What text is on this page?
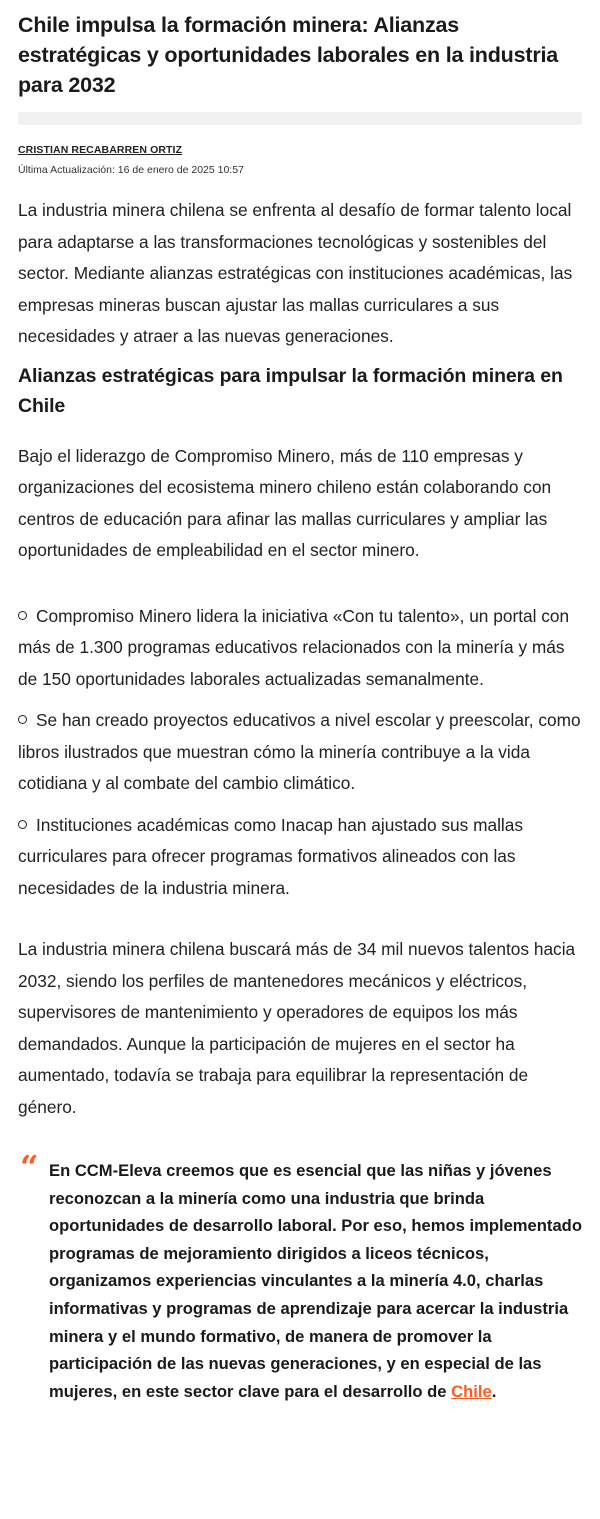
Chile impulsa la formación minera: Alianzas estratégicas y oportunidades laborales en la industria para 2032
CRISTIAN RECABARREN ORTIZ
Última Actualización: 16 de enero de 2025 10:57

La industria minera chilena se enfrenta al desafío de formar talento local para adaptarse a las transformaciones tecnológicas y sostenibles del sector. Mediante alianzas estratégicas con instituciones académicas, las empresas mineras buscan ajustar las mallas curriculares a sus necesidades y atraer a las nuevas generaciones.

Alianzas estratégicas para impulsar la formación minera en Chile

Bajo el liderazgo de Compromiso Minero, más de 110 empresas y organizaciones del ecosistema minero chileno están colaborando con centros de educación para afinar las mallas curriculares y ampliar las oportunidades de empleabilidad en el sector minero.

Compromiso Minero lidera la iniciativa «Con tu talento», un portal con más de 1.300 programas educativos relacionados con la minería y más de 150 oportunidades laborales actualizadas semanalmente.
Se han creado proyectos educativos a nivel escolar y preescolar, como libros ilustrados que muestran cómo la minería contribuye a la vida cotidiana y al combate del cambio climático.
Instituciones académicas como Inacap han ajustado sus mallas curriculares para ofrecer programas formativos alineados con las necesidades de la industria minera.

La industria minera chilena buscará más de 34 mil nuevos talentos hacia 2032, siendo los perfiles de mantenedores mecánicos y eléctricos, supervisores de mantenimiento y operadores de equipos los más demandados. Aunque la participación de mujeres en el sector ha aumentado, todavía se trabaja para equilibrar la representación de género.

“ En CCM-Eleva creemos que es esencial que las niñas y jóvenes reconozcan a la minería como una industria que brinda oportunidades de desarrollo laboral. Por eso, hemos implementado programas de mejoramiento dirigidos a liceos técnicos, organizamos experiencias vinculantes a la minería 4.0, charlas informativas y programas de aprendizaje para acercar la industria minera y el mundo formativo, de manera de promover la participación de las nuevas generaciones, y en especial de las mujeres, en este sector clave para el desarrollo de Chile.
